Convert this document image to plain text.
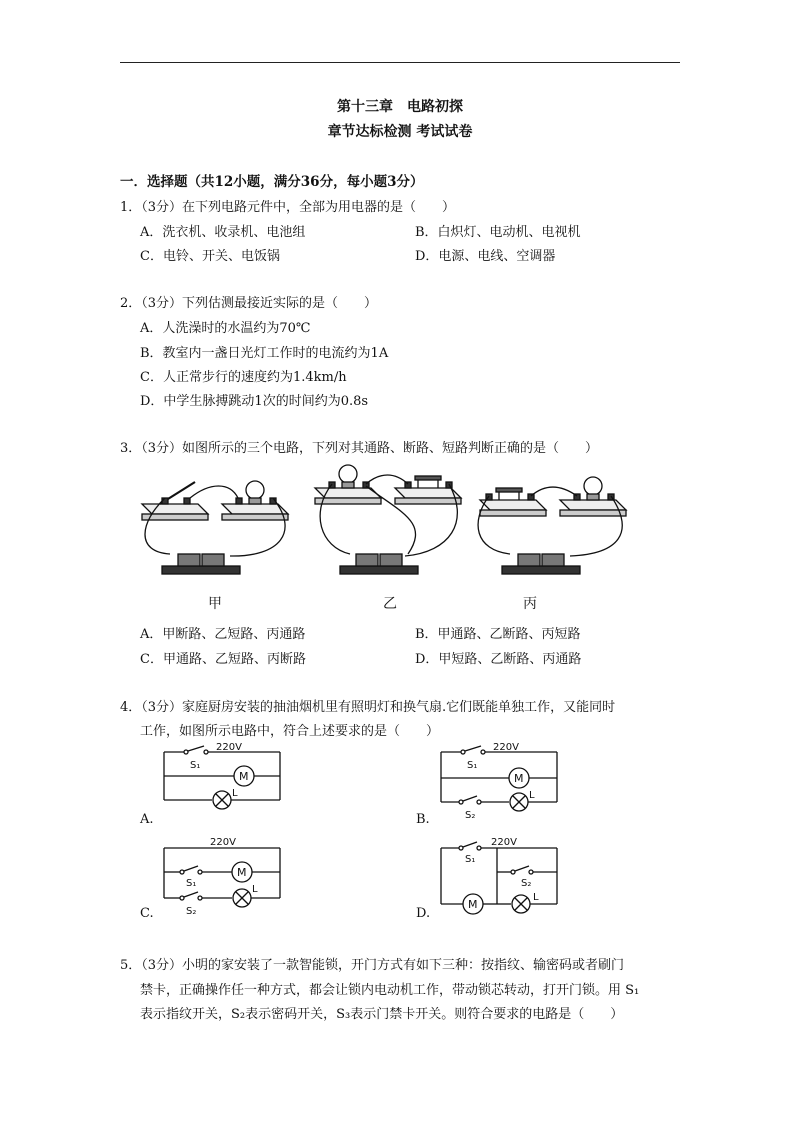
第十三章　电路初探
章节达标检测 考试试卷
一．选择题（共12小题，满分36分，每小题3分）
1．（3分）在下列电路元件中，全部为用电器的是（　　）
A．洗衣机、收录机、电池组	B．白炽灯、电动机、电视机
C．电铃、开关、电饭锅	D．电源、电线、空调器
2．（3分）下列估测最接近实际的是（　　）
A．人洗澡时的水温约为70℃
B．教室内一盏日光灯工作时的电流约为1A
C．人正常步行的速度约为1.4km/h
D．中学生脉搏跳动1次的时间约为0.8s
3．（3分）如图所示的三个电路，下列对其通路、断路、短路判断正确的是（　　）
甲	乙	丙
A．甲断路、乙短路、丙通路	B．甲通路、乙断路、丙短路
C．甲通路、乙短路、丙断路	D．甲短路、乙断路、丙通路
4．（3分）家庭厨房安装的抽油烟机里有照明灯和换气扇.它们既能单独工作，又能同时
工作，如图所示电路中，符合上述要求的是（　　）
S₁
220V
M
L
A.
S₁
220V
M
S₂
L
B.
220V
S₁
M
S₂
L
C.
S₁
220V
S₂
M
L
D.
5．（3分）小明的家安装了一款智能锁，开门方式有如下三种：按指纹、输密码或者刷门
禁卡，正确操作任一种方式，都会让锁内电动机工作，带动锁芯转动，打开门锁。用 S₁
表示指纹开关，S₂表示密码开关，S₃表示门禁卡开关。则符合要求的电路是（　　）
